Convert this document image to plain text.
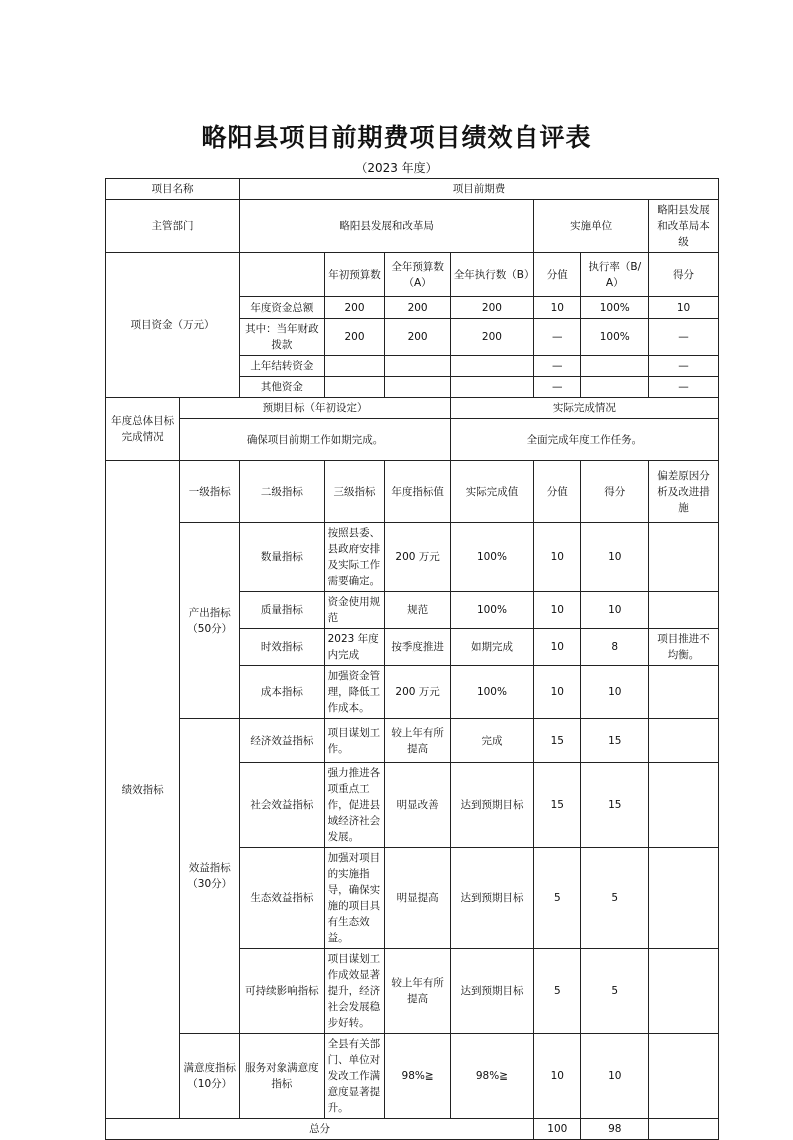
略阳县项目前期费项目绩效自评表
（2023 年度）
项目名称		项目前期费						
主管部门		略阳县发展和改革局				实施单位		略阳县发展和改革局本级
项目资金（万元）			年初预算数	全年预算数（A）	全年执行数（B）	分值	执行率（B/A）	得分
		年度资金总额	200	200	200	10	100%	10
		其中：当年财政拨款	200	200	200	—	100%	—
		上年结转资金				—		—
		其他资金				—		—
年度总体目标完成情况	预期目标（年初设定）				实际完成情况			
	确保项目前期工作如期完成。				全面完成年度工作任务。			
绩效指标	一级指标	二级指标	三级指标	年度指标值	实际完成值	分值	得分	偏差原因分析及改进措施
	产出指标（50分）	数量指标	按照县委、县政府安排及实际工作需要确定。	200 万元	100%	10	10	
		质量指标	资金使用规范	规范	100%	10	10	
		时效指标	2023 年度内完成	按季度推进	如期完成	10	8	项目推进不均衡。
		成本指标	加强资金管理，降低工作成本。	200 万元	100%	10	10	
	效益指标（30分）	经济效益指标	项目谋划工作。	较上年有所提高	完成	15	15	
		社会效益指标	强力推进各项重点工作，促进县域经济社会发展。	明显改善	达到预期目标	15	15	
		生态效益指标	加强对项目的实施指导，确保实施的项目具有生态效益。	明显提高	达到预期目标	5	5	
		可持续影响指标	项目谋划工作成效显著提升，经济社会发展稳步好转。	较上年有所提高	达到预期目标	5	5	
	满意度指标（10分）	服务对象满意度指标	全县有关部门、单位对发改工作满意度显著提升。	98%≧	98%≧	10	10	
总分						100	98	
